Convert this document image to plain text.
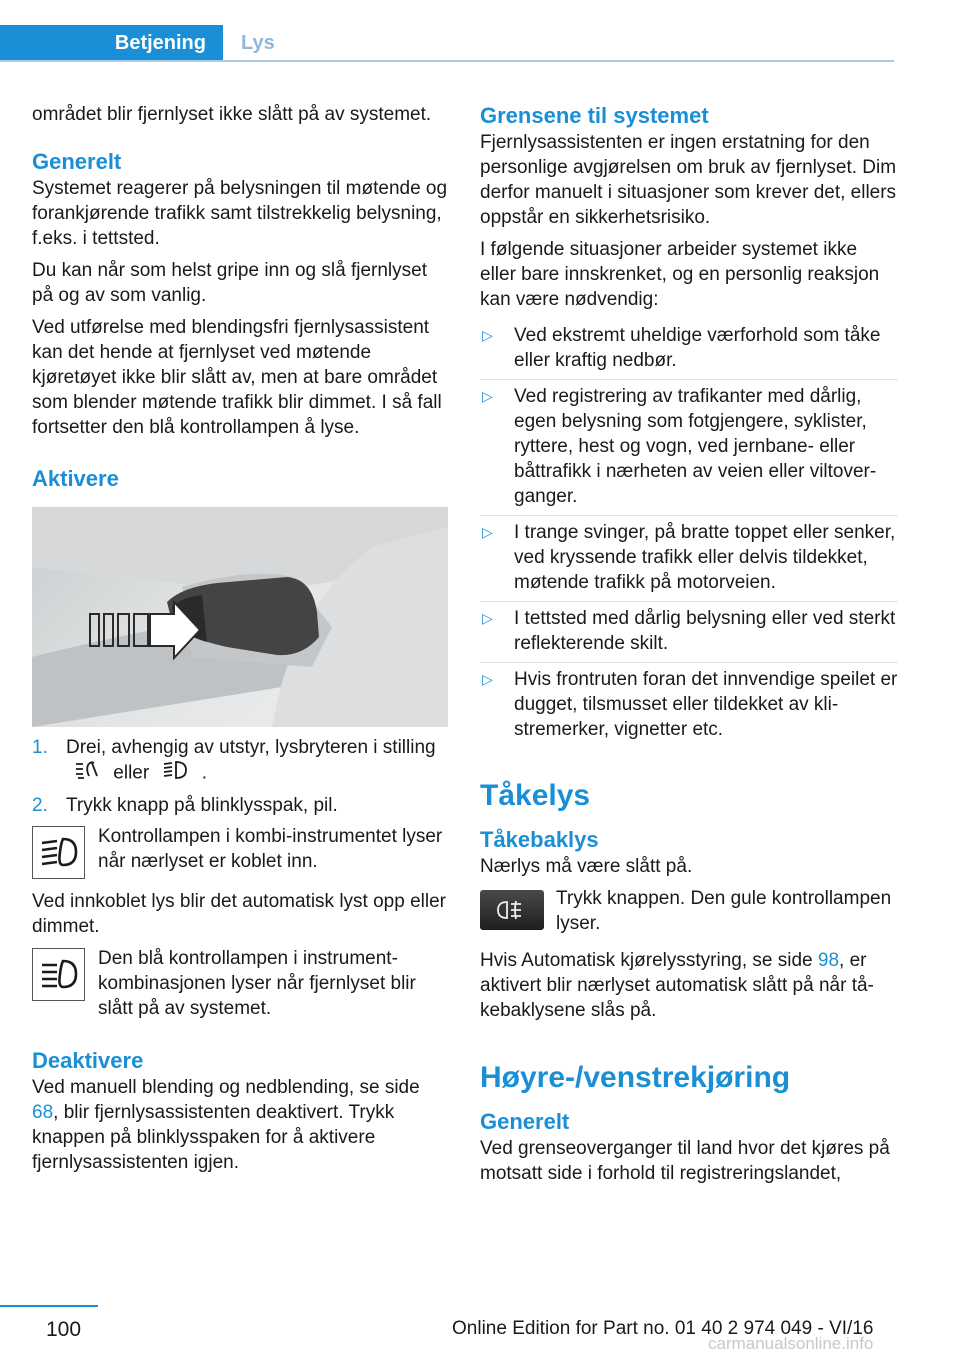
Betjening	Lys

området blir fjernlyset ikke slått på av systemet.

Generelt

Systemet reagerer på belysningen til møtende og forankjørende trafikk samt tilstrekkelig belysning, f.eks. i tettsted.

Du kan når som helst gripe inn og slå fjernlyset på og av som vanlig.

Ved utførelse med blendingsfri fjernlysassistent kan det hende at fjernlyset ved møtende kjøretøyet ikke blir slått av, men at bare området som blender møtende trafikk blir dimmet. I så fall fortsetter den blå kontrollampen å lyse.

Aktivere
1. Drei, avhengig av utstyr, lysbryteren i stilling  eller	.
2. Trykk knapp på blinklysspak, pil.
Kontrollampen i kombi-instrumentet lyser når nærlyset er koblet inn.

Ved innkoblet lys blir det automatisk lyst opp eller dimmet.

Den blå kontrollampen i instrumentkombinasjonen lyser når fjernlyset blir slått på av systemet.
Deaktivere

Ved manuell blending og nedblending, se side 68, blir fjernlysassistenten deaktivert. Trykk knappen på blinklysspaken for å aktivere fjernlysassistenten igjen.

Grensene til systemet

Fjernlysassistenten er ingen erstatning for den personlige avgjørelsen om bruk av fjernlyset. Dim derfor manuelt i situasjoner som krever det, ellers oppstår en sikkerhetsrisiko.

I følgende situasjoner arbeider systemet ikke eller bare innskrenket, og en personlig reaksjon kan være nødvendig:

▷	Ved ekstremt uheldige værforhold som tåke eller kraftig nedbør.
▷	Ved registrering av trafikanter med dårlig, egen belysning som fotgjengere, syklister, ryttere, hest og vogn, ved jernbane- eller båttrafikk i nærheten av veien eller viltoverganger.
▷	I trange svinger, på bratte toppet eller senker, ved kryssende trafikk eller delvis tildekket, møtende trafikk på motorveien.
▷	I tettsted med dårlig belysning eller ved sterkt reflekterende skilt.
▷	Hvis frontruten foran det innvendige speilet er dugget, tilsmusset eller tildekket av klistremerker, vignetter etc.
Tåkelys
Tåkebaklys

Nærlys må være slått på.

Trykk knappen. Den gule kontrollampen lyser.

Hvis Automatisk kjørelysstyring, se side 98, er aktivert blir nærlyset automatisk slått på når tåkebaklysene slås på.

Høyre-/venstrekjøring
Generelt

Ved grenseoverganger til land hvor det kjøres på motsatt side i forhold til registreringslandet,

100	Online Edition for Part no. 01 40 2 974 049 - VI/16
carmanualsonline.info
